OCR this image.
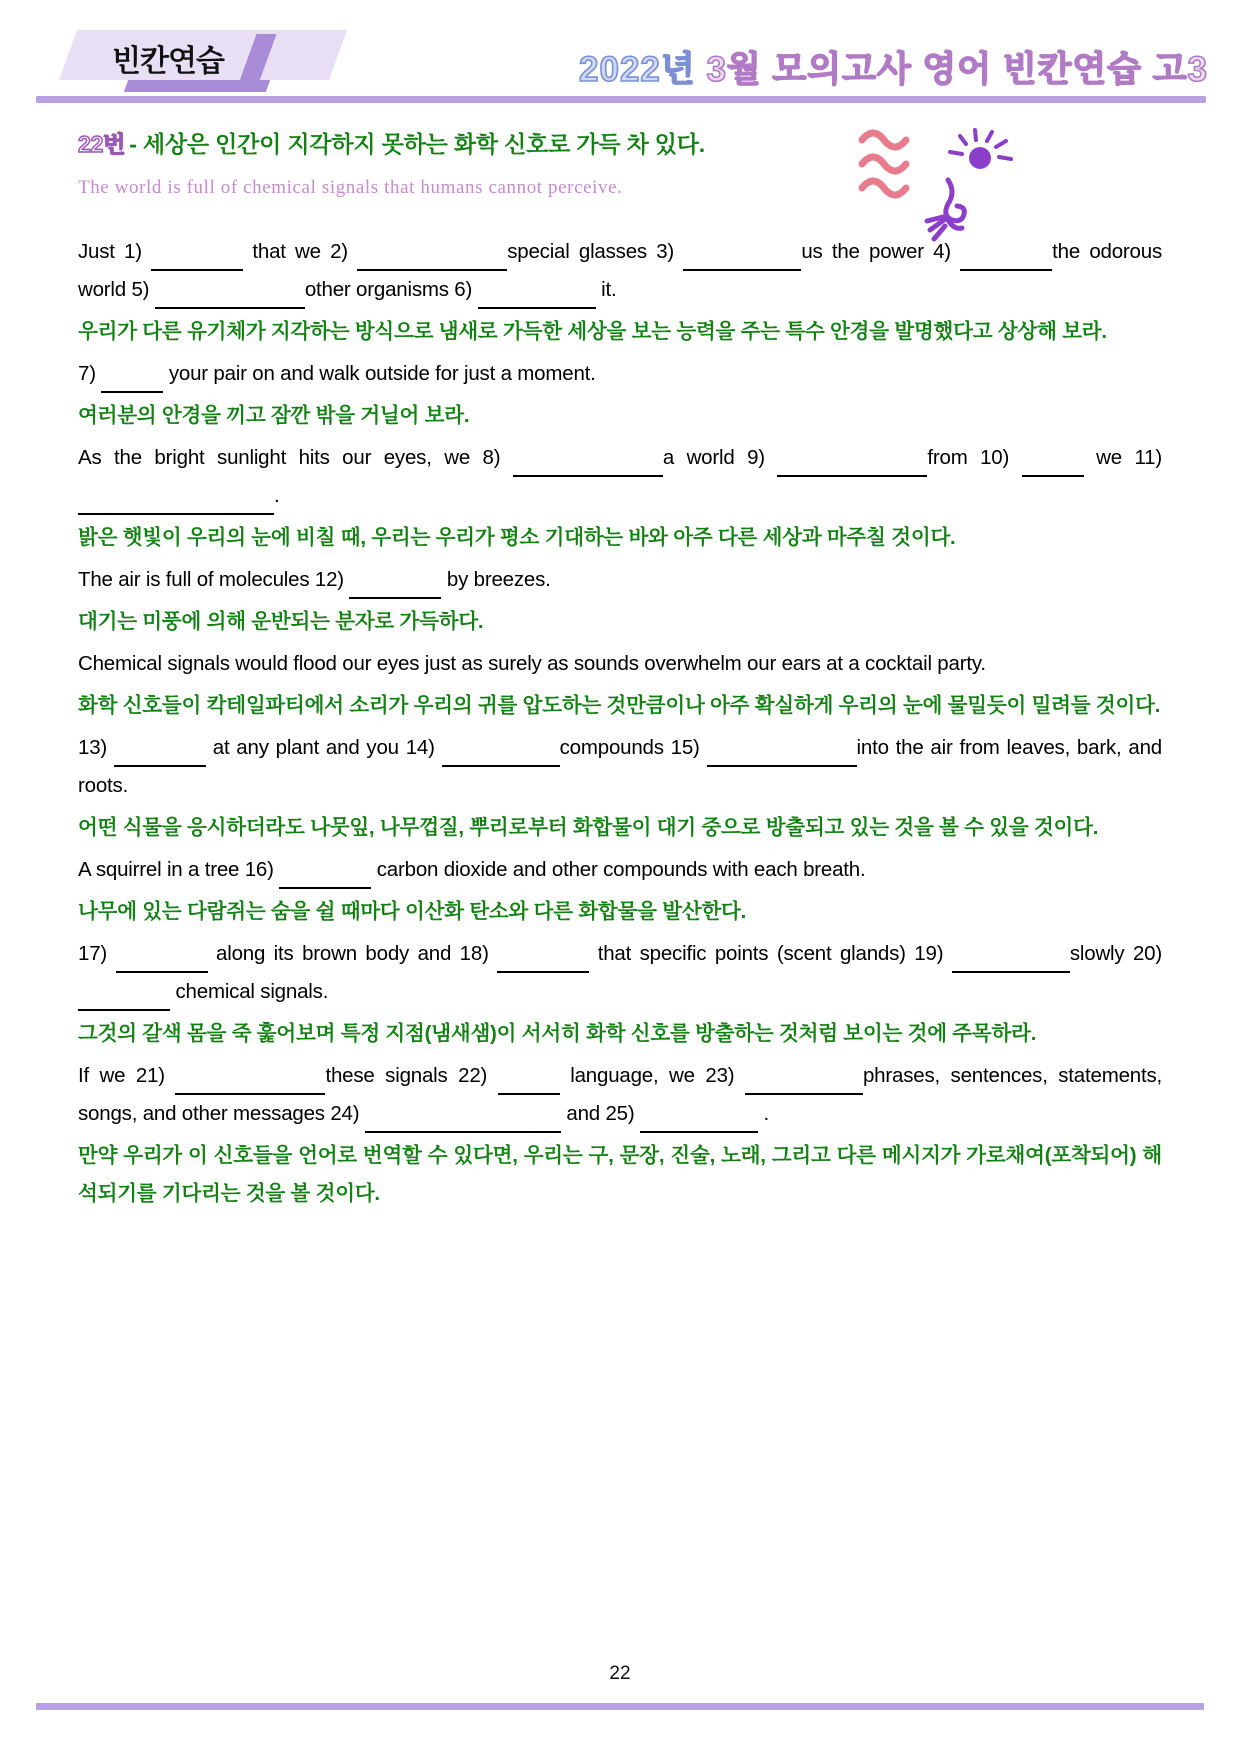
빈칸연습	2022년 3월 모의고사 영어 빈칸연습 고3
22번 - 세상은 인간이 지각하지 못하는 화학 신호로 가득 차 있다.
The world is full of chemical signals that humans cannot perceive.

Just 1)	that we 2)	special glasses 3)	us the power 4)	the odorous world 5)	other organisms 6)	it.

우리가 다른 유기체가 지각하는 방식으로 냄새로 가득한 세상을 보는 능력을 주는 특수 안경을 발명했다고 상상해 보라.

7)	your pair on and walk outside for just a moment.

여러분의 안경을 끼고 잠깐 밖을 거닐어 보라.

As the bright sunlight hits our eyes, we 8)	a world 9)	from 10)	we 11) .

밝은 햇빛이 우리의 눈에 비칠 때, 우리는 우리가 평소 기대하는 바와 아주 다른 세상과 마주칠 것이다.

The air is full of molecules 12)	by breezes.

대기는 미풍에 의해 운반되는 분자로 가득하다.

Chemical signals would flood our eyes just as surely as sounds overwhelm our ears at a cocktail party.

화학 신호들이 칵테일파티에서 소리가 우리의 귀를 압도하는 것만큼이나 아주 확실하게 우리의 눈에 물밀듯이 밀려들 것이다.

13)	at any plant and you 14)	compounds 15)	into the air from leaves, bark, and roots.

어떤 식물을 응시하더라도 나뭇잎, 나무껍질, 뿌리로부터 화합물이 대기 중으로 방출되고 있는 것을 볼 수 있을 것이다.

A squirrel in a tree 16)	carbon dioxide and other compounds with each breath.

나무에 있는 다람쥐는 숨을 쉴 때마다 이산화 탄소와 다른 화합물을 발산한다.

17)	along its brown body and 18)	that specific points (scent glands) 19)	slowly 20)  chemical signals.

그것의 갈색 몸을 죽 훑어보며 특정 지점(냄새샘)이 서서히 화학 신호를 방출하는 것처럼 보이는 것에 주목하라.

If we 21)	these signals 22)	language, we 23)	phrases, sentences, statements, songs, and other messages 24)	and 25)	.

만약 우리가 이 신호들을 언어로 번역할 수 있다면, 우리는 구, 문장, 진술, 노래, 그리고 다른 메시지가 가로채여(포착되어) 해석되기를 기다리는 것을 볼 것이다.

22
